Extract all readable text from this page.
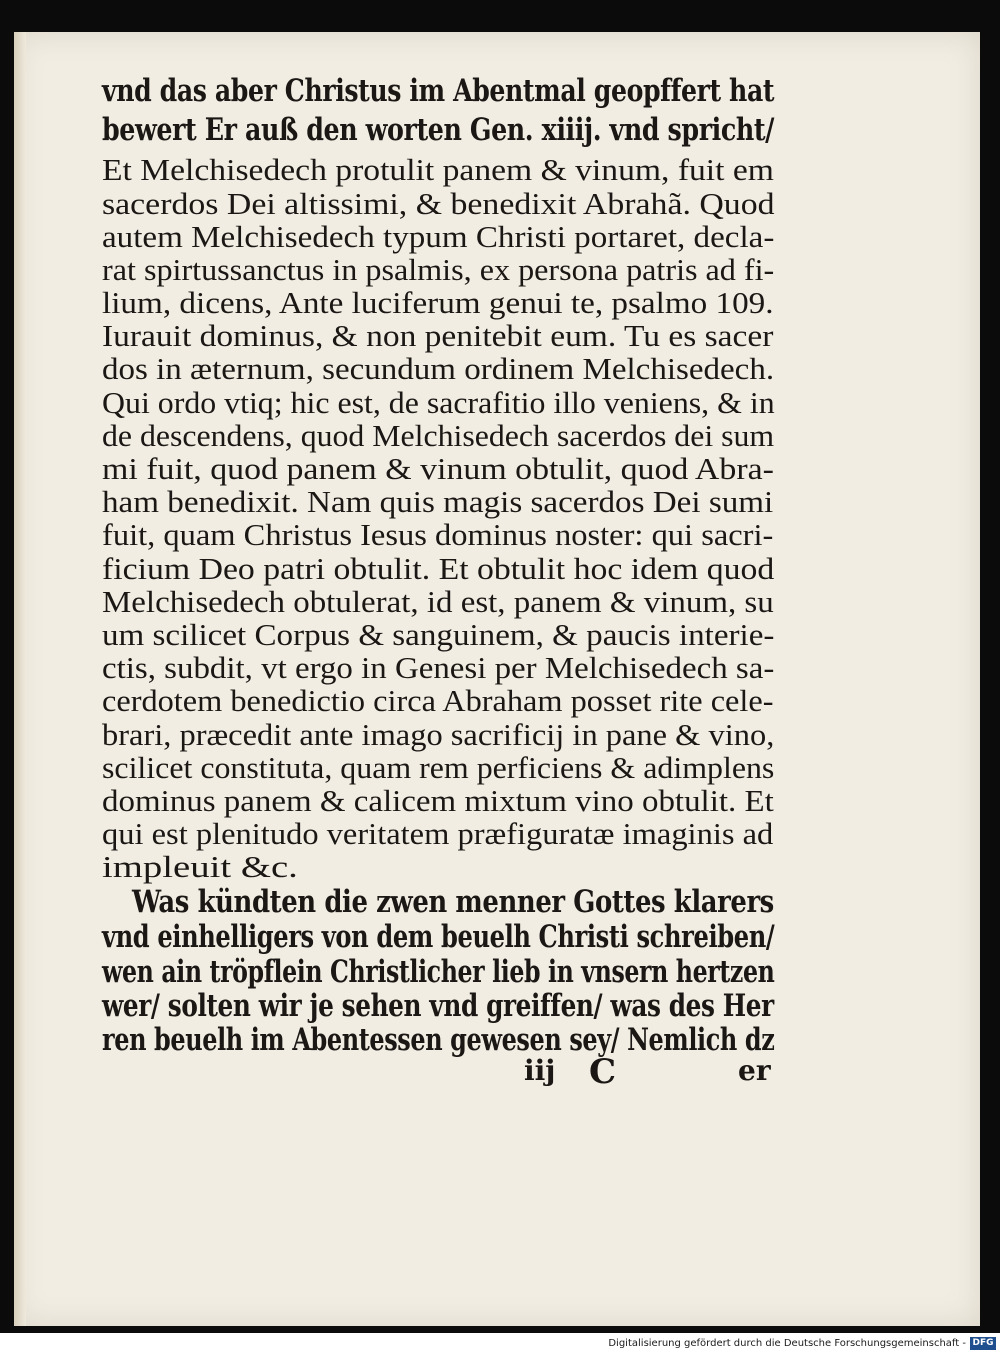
vnd das aber Christus im Abentmal geopffert hat
bewert Er auß den worten Gen. xiiij. vnd spricht/
Et Melchisedech protulit panem & vinum, fuit em
sacerdos Dei altissimi, & benedixit Abrahã. Quod
autem Melchisedech typum Christi portaret, decla-
rat spirtussanctus in psalmis, ex persona patris ad fi-
lium, dicens, Ante luciferum genui te, psalmo 109.
Iurauit dominus, & non penitebit eum. Tu es sacer
dos in æternum, secundum ordinem Melchisedech.
Qui ordo vtiq; hic est, de sacrafitio illo veniens, & in
de descendens, quod Melchisedech sacerdos dei sum
mi fuit, quod panem & vinum obtulit, quod Abra-
ham benedixit. Nam quis magis sacerdos Dei sumi
fuit, quam Christus Iesus dominus noster: qui sacri-
ficium Deo patri obtulit. Et obtulit hoc idem quod
Melchisedech obtulerat, id est, panem & vinum, su
um scilicet Corpus & sanguinem, & paucis interie-
ctis, subdit, vt ergo in Genesi per Melchisedech sa-
cerdotem benedictio circa Abraham posset rite cele-
brari, præcedit ante imago sacrificij in pane & vino,
scilicet constituta, quam rem perficiens & adimplens
dominus panem & calicem mixtum vino obtulit. Et
qui est plenitudo veritatem præfiguratæ imaginis ad
impleuit &c.
Was kündten die zwen menner Gottes klarers
vnd einhelligers von dem beuelh Christi schreiben/
wen ain tröpflein Christlicher lieb in vnsern hertzen
wer/ solten wir je sehen vnd greiffen/ was des Her
ren beuelh im Abentessen gewesen sey/ Nemlich dz
iij C	er
Digitalisierung gefördert durch die Deutsche Forschungsgemeinschaft - DFG
